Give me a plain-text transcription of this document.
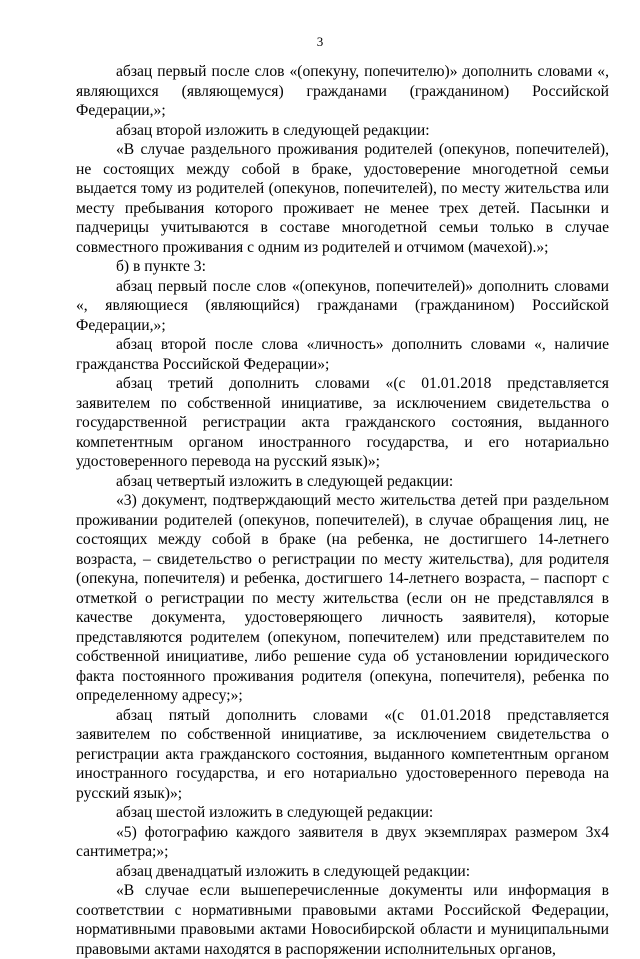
3

абзац первый после слов «(опекуну, попечителю)» дополнить словами «, являющихся (являющемуся) гражданами (гражданином) Российской Федерации,»;

абзац второй изложить в следующей редакции:

«В случае раздельного проживания родителей (опекунов, попечителей), не состоящих между собой в браке, удостоверение многодетной семьи выдается тому из родителей (опекунов, попечителей), по месту жительства или месту пребывания которого проживает не менее трех детей. Пасынки и падчерицы учитываются в составе многодетной семьи только в случае совместного проживания с одним из родителей и отчимом (мачехой).»;

б) в пункте 3:

абзац первый после слов «(опекунов, попечителей)» дополнить словами «, являющиеся (являющийся) гражданами (гражданином) Российской Федерации,»;

абзац второй после слова «личность» дополнить словами «, наличие гражданства Российской Федерации»;

абзац третий дополнить словами «(с 01.01.2018 представляется заявителем по собственной инициативе, за исключением свидетельства о государственной регистрации акта гражданского состояния, выданного компетентным органом иностранного государства, и его нотариально удостоверенного перевода на русский язык)»;

абзац четвертый изложить в следующей редакции:

«3) документ, подтверждающий место жительства детей при раздельном проживании родителей (опекунов, попечителей), в случае обращения лиц, не состоящих между собой в браке (на ребенка, не достигшего 14-летнего возраста, – свидетельство о регистрации по месту жительства), для родителя (опекуна, попечителя) и ребенка, достигшего 14-летнего возраста, – паспорт с отметкой о регистрации по месту жительства (если он не представлялся в качестве документа, удостоверяющего личность заявителя), которые представляются родителем (опекуном, попечителем) или представителем по собственной инициативе, либо решение суда об установлении юридического факта постоянного проживания родителя (опекуна, попечителя), ребенка по определенному адресу;»;

абзац пятый дополнить словами «(с 01.01.2018 представляется заявителем по собственной инициативе, за исключением свидетельства о регистрации акта гражданского состояния, выданного компетентным органом иностранного государства, и его нотариально удостоверенного перевода на русский язык)»;

абзац шестой изложить в следующей редакции:

«5) фотографию каждого заявителя в двух экземплярах размером 3х4 сантиметра;»;

абзац двенадцатый изложить в следующей редакции:

«В случае если вышеперечисленные документы или информация в соответствии с нормативными правовыми актами Российской Федерации, нормативными правовыми актами Новосибирской области и муниципальными правовыми актами находятся в распоряжении исполнительных органов,
